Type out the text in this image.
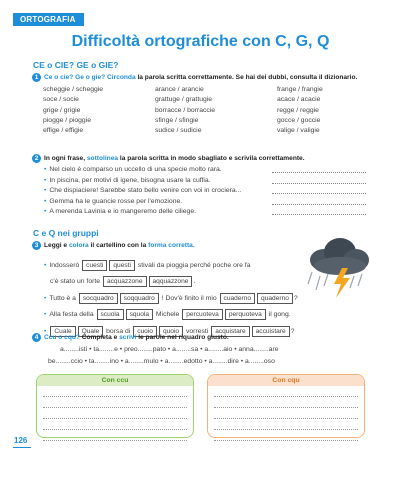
ORTOGRAFIA
Difficoltà ortografiche con C, G, Q
CE o CIE? GE o GIE?
1 Ce o cie? Ge o gie? Circonda la parola scritta correttamente. Se hai dei dubbi, consulta il dizionario.
scheggie / scheggie	arance / arancie	frange / frangie
soce / socie	grattuge / grattugie	acace / acacie
grige / grigie	borracce / borraccie	regge / reggie
piogge / pioggie	sfinge / sfingie	gocce / goccie
effige / effigie	sudice / sudicie	valige / valigie
2 In ogni frase, sottolinea la parola scritta in modo sbagliato e scrivila correttamente.
• Nel cielo è comparso un uccello di una specie molto rara.
• In piscina, per motivi di igene, bisogna usare la cuffia.
• Che dispiaciere! Sarebbe stato bello venire con voi in crociera...
• Gemma ha le guancie rosse per l'emozione.
• A merenda Lavinia e io mangeremo delle ciliege.
C e Q nei gruppi
3 Leggi e colora il cartellino con la forma corretta.
• Indosserò
	cuesti	questi
	stivali da pioggia perché poche ore fa
c'è stato un forte
	acquazzone	aqquazzone .
• Tutto è a
	socquadro	soqquadro
	! Dov'è finito il mio
	cuaderno	quaderno ?
• Alla festa della
	scuola	squola
	Michele
	percuoteva	perquoteva
	il gong.
•	Cuale	Quale
	borsa di
	cuoio	quoio
	vorresti
	acquistare	accuistare ?
4 Ccu o cqu? Completa e scrivi le parole nel riquadro giusto.
a........isti • ta........e • preo........pato • a........sa • a........aio • anna........are
be........ccio • ta........ino • a........mulo • a........edotto • a........dire • a........oso
Con ccu	Con cqu
126
